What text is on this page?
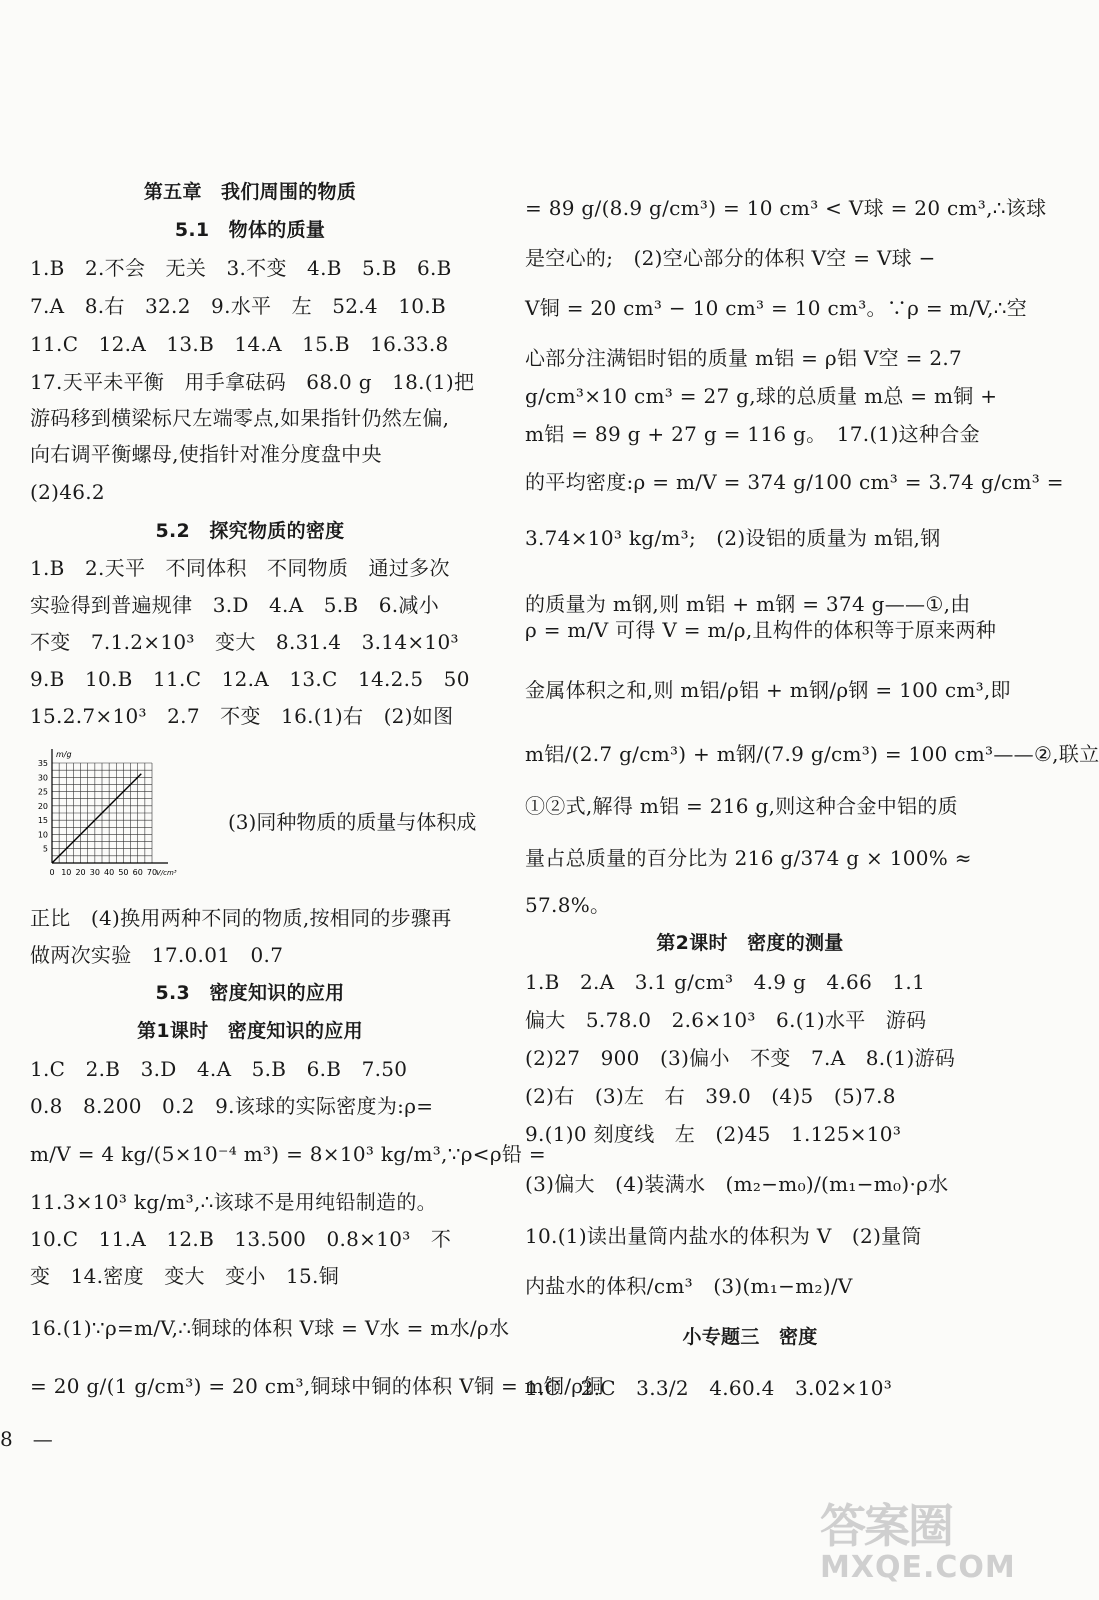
第五章　我们周围的物质
5.1　物体的质量
1.B　2.不会　无关　3.不变　4.B　5.B　6.B
7.A　8.右　32.2　9.水平　左　52.4　10.B
11.C　12.A　13.B　14.A　15.B　16.33.8
17.天平未平衡　用手拿砝码　68.0 g　18.(1)把
游码移到横梁标尺左端零点,如果指针仍然左偏,
向右调平衡螺母,使指针对准分度盘中央
(2)46.2
5.2　探究物质的密度
1.B　2.天平　不同体积　不同物质　通过多次
实验得到普遍规律　3.D　4.A　5.B　6.减小
不变　7.1.2×10³　变大　8.31.4　3.14×10³
9.B　10.B　11.C　12.A　13.C　14.2.5　50
15.2.7×10³　2.7　不变　16.(1)右　(2)如图
正比　(4)换用两种不同的物质,按相同的步骤再
做两次实验　17.0.01　0.7
5.3　密度知识的应用
第1课时　密度知识的应用
1.C　2.B　3.D　4.A　5.B　6.B　7.50
0.8　8.200　0.2　9.该球的实际密度为:ρ=
m/V = 4 kg/(5×10⁻⁴ m³) = 8×10³ kg/m³,∵ρ<ρ铅 =
11.3×10³ kg/m³,∴该球不是用纯铅制造的。
10.C　11.A　12.B　13.500　0.8×10³　不
变　14.密度　变大　变小　15.铜
16.(1)∵ρ=m/V,∴铜球的体积 V球 = V水 = m水/ρ水
= 20 g/(1 g/cm³) = 20 cm³,铜球中铜的体积 V铜 = m铜/ρ铜
= 89 g/(8.9 g/cm³) = 10 cm³ < V球 = 20 cm³,∴该球
是空心的;　(2)空心部分的体积 V空 = V球 −
V铜 = 20 cm³ − 10 cm³ = 10 cm³。∵ρ = m/V,∴空
心部分注满铝时铝的质量 m铝 = ρ铝 V空 = 2.7
g/cm³×10 cm³ = 27 g,球的总质量 m总 = m铜 +
m铝 = 89 g + 27 g = 116 g。　17.(1)这种合金
的平均密度:ρ = m/V = 374 g/100 cm³ = 3.74 g/cm³ =
3.74×10³ kg/m³;　(2)设铝的质量为 m铝,钢
的质量为 m钢,则 m铝 + m钢 = 374 g——①,由
ρ = m/V 可得 V = m/ρ,且构件的体积等于原来两种
金属体积之和,则 m铝/ρ铝 + m钢/ρ钢 = 100 cm³,即
m铝/(2.7 g/cm³) + m钢/(7.9 g/cm³) = 100 cm³——②,联立
①②式,解得 m铝 = 216 g,则这种合金中铝的质
量占总质量的百分比为 216 g/374 g × 100% ≈
57.8%。
第2课时　密度的测量
1.B　2.A　3.1 g/cm³　4.9 g　4.66　1.1
偏大　5.78.0　2.6×10³　6.(1)水平　游码
(2)27　900　(3)偏小　不变　7.A　8.(1)游码
(2)右　(3)左　右　39.0　(4)5　(5)7.8
9.(1)0 刻度线　左　(2)45　1.125×10³
(3)偏大　(4)装满水　(m₂−m₀)/(m₁−m₀)·ρ水
10.(1)读出量筒内盐水的体积为 V　(2)量筒
内盐水的体积/cm³　(3)(m₁−m₂)/V
小专题三　密度
1.C　2.C　3.3/2　4.60.4　3.02×10³
35
30
25
20
15
10
5
0 10 20 30 40 50 60 70
m/g
V/cm³
(3)同种物质的质量与体积成
8　—
答案圈
MXQE.COM
